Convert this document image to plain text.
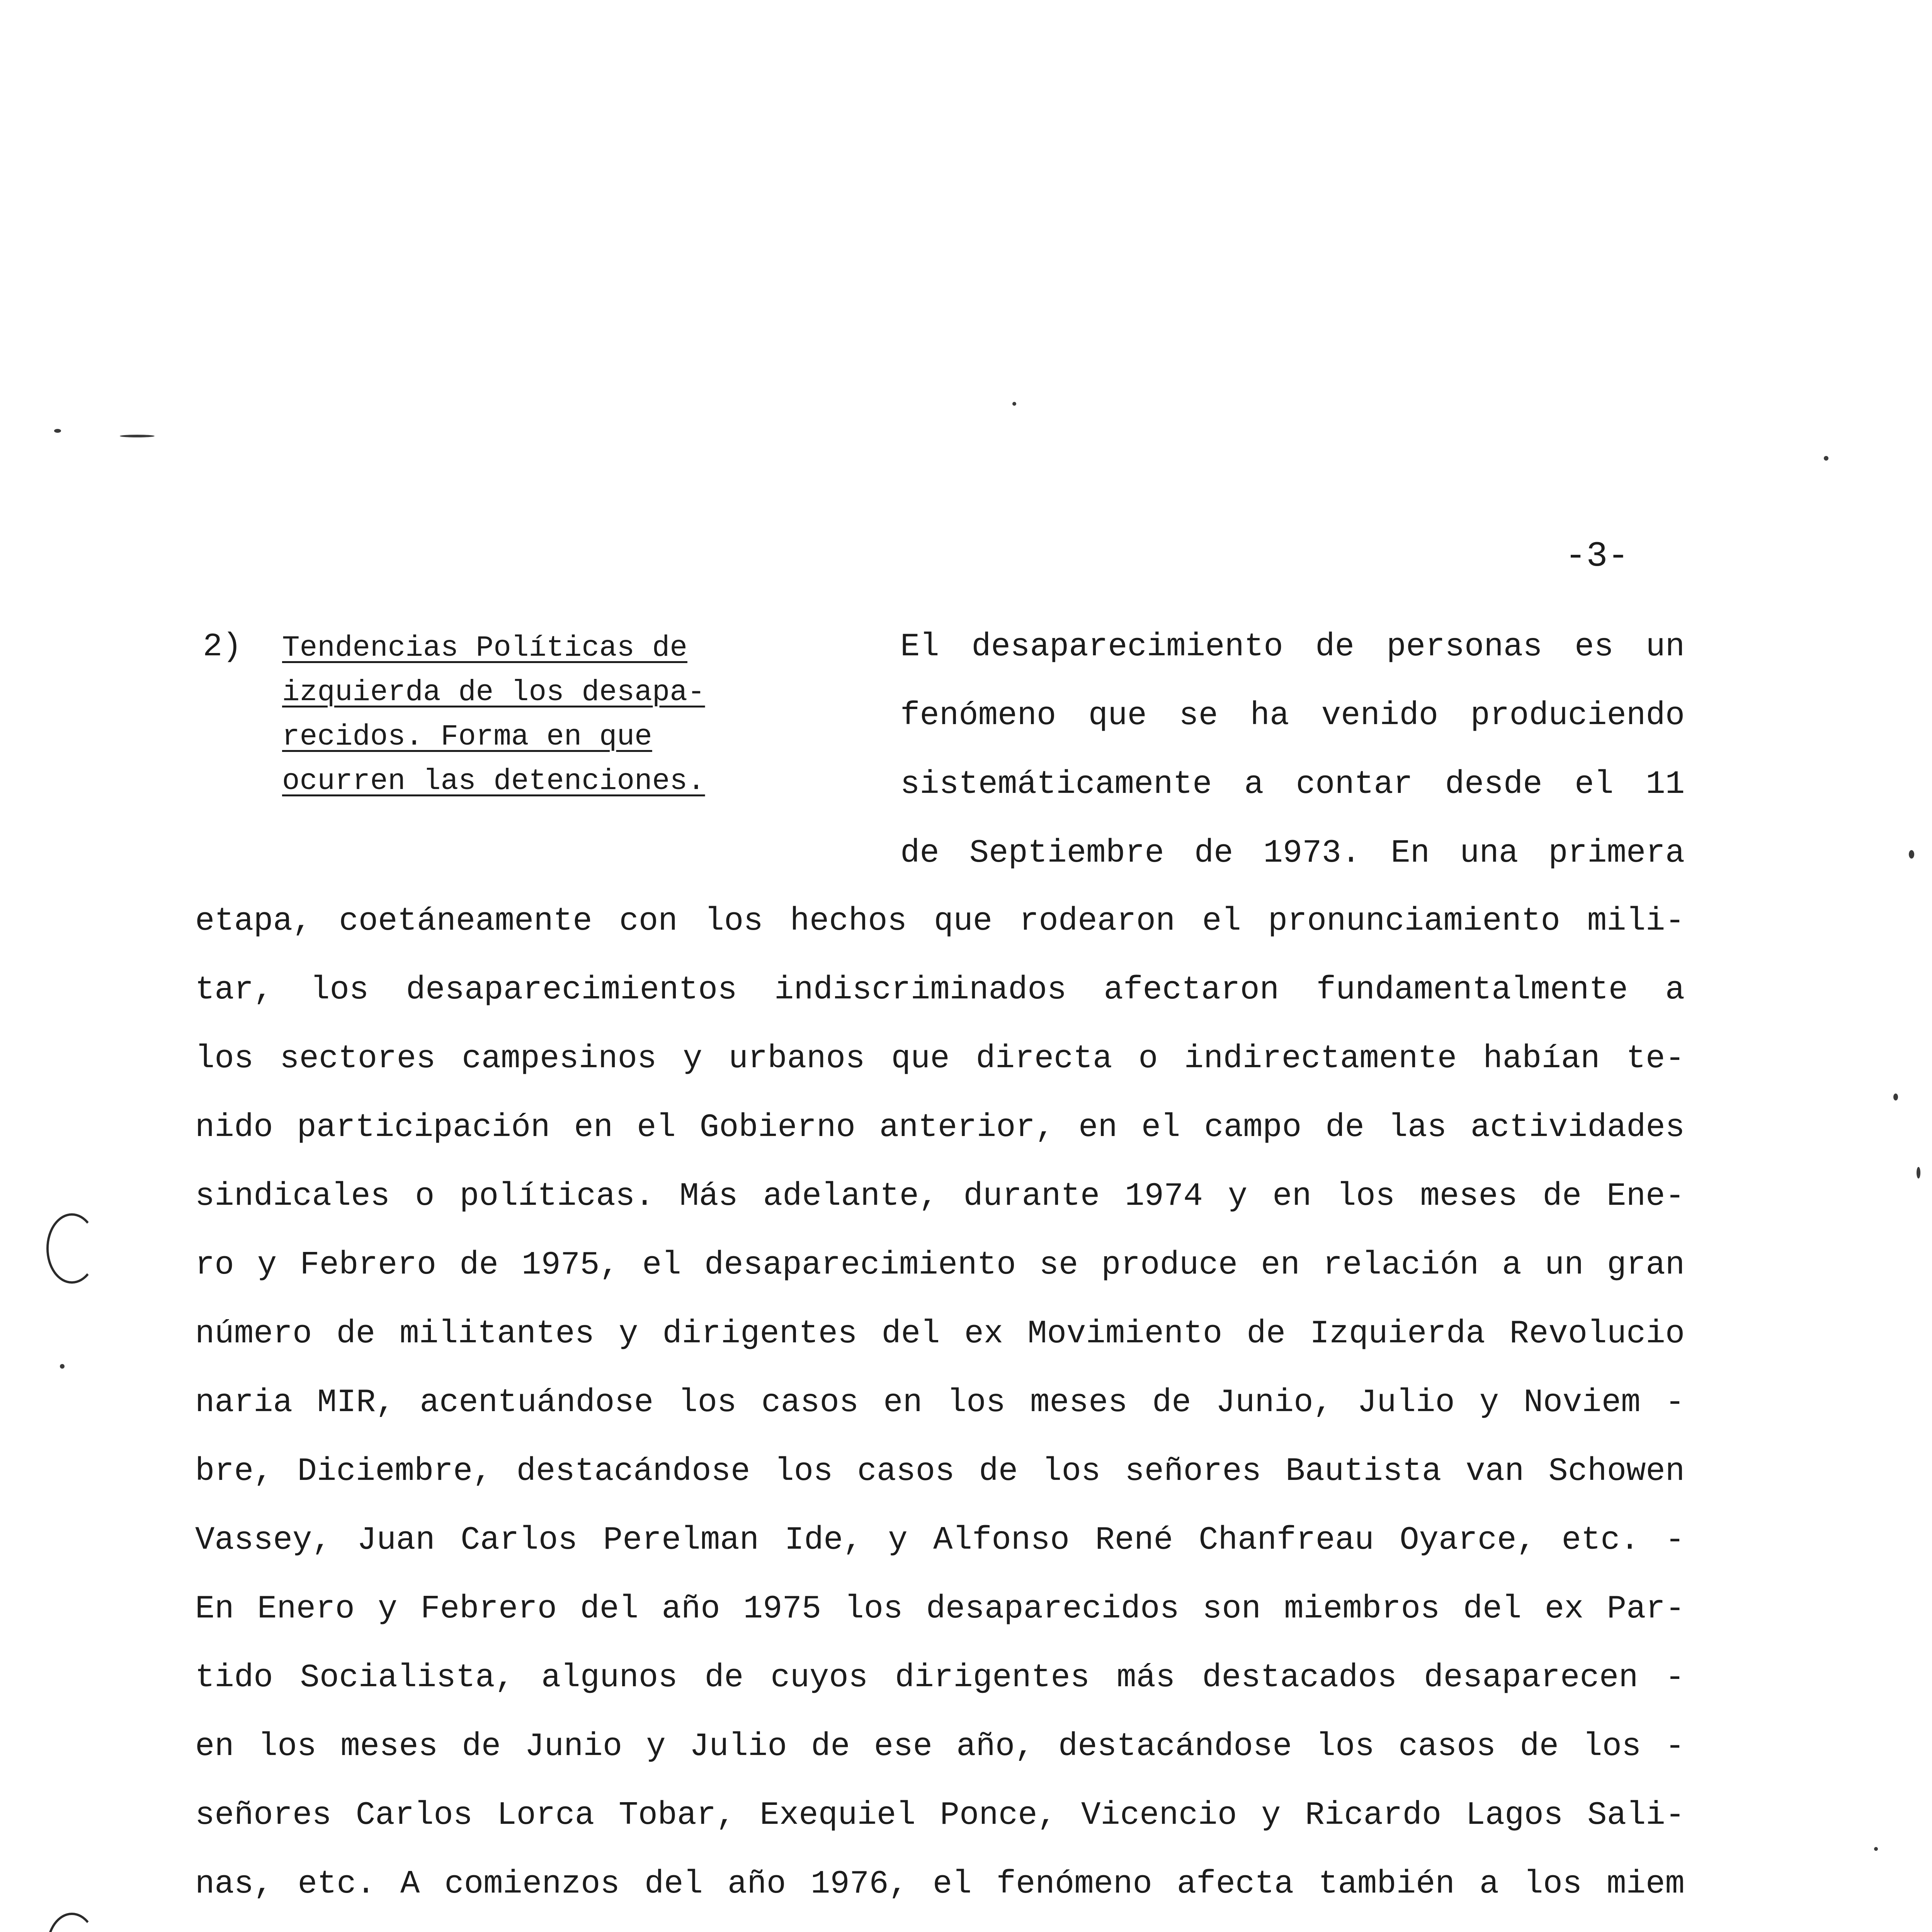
-3-
2) Tendencias Políticas de
izquierda de los desapa-
recidos. Forma en que
ocurren las detenciones.
El desaparecimiento de personas es un
fenómeno que se ha venido produciendo
sistemáticamente a contar desde el 11
de Septiembre de 1973. En una primera
etapa, coetáneamente con los hechos que rodearon el pronunciamiento mili-
tar, los desaparecimientos indiscriminados afectaron fundamentalmente a
los sectores campesinos y urbanos que directa o indirectamente habían te-
nido participación en el Gobierno anterior, en el campo de las actividades
sindicales o políticas. Más adelante, durante 1974 y en los meses de Ene-
ro y Febrero de 1975, el desaparecimiento se produce en relación a un gran
número de militantes y dirigentes del ex Movimiento de Izquierda Revolucio
naria MIR, acentuándose los casos en los meses de Junio, Julio y Noviem -
bre, Diciembre, destacándose los casos de los señores Bautista van Schowen
Vassey, Juan Carlos Perelman Ide, y Alfonso René Chanfreau Oyarce, etc. -
En Enero y Febrero del año 1975 los desaparecidos son miembros del ex Par-
tido Socialista, algunos de cuyos dirigentes más destacados desaparecen -
en los meses de Junio y Julio de ese año, destacándose los casos de los -
señores Carlos Lorca Tobar, Exequiel Ponce, Vicencio y Ricardo Lagos Sali-
nas, etc. A comienzos del año 1976, el fenómeno afecta también a los miem
